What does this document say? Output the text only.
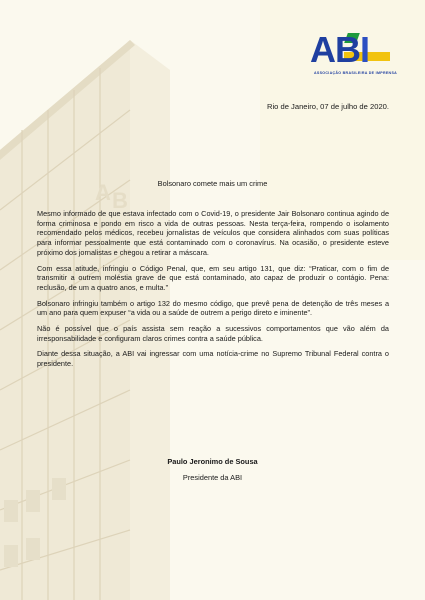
A B
ABI
ASSOCIAÇÃO BRASILEIRA DE IMPRENSA
Rio de Janeiro, 07 de julho de 2020.
Bolsonaro comete mais um crime

Mesmo informado de que estava infectado com o Covid-19, o presidente Jair Bolsonaro continua agindo de forma criminosa e pondo em risco a vida de outras pessoas. Nesta terça-feira, rompendo o isolamento recomendado pelos médicos, recebeu jornalistas de veículos que considera alinhados com suas políticas para informar pessoalmente que está contaminado com o coronavírus. Na ocasião, o presidente esteve próximo dos jornalistas e chegou a retirar a máscara.

Com essa atitude, infringiu o Código Penal, que, em seu artigo 131, que diz: “Praticar, com o fim de transmitir a outrem moléstia grave de que está contaminado, ato capaz de produzir o contágio. Pena: reclusão, de um a quatro anos, e multa.”

Bolsonaro infringiu também o artigo 132 do mesmo código, que prevê pena de detenção de três meses a um ano para quem expuser “a vida ou a saúde de outrem a perigo direto e iminente”.

Não é possível que o país assista sem reação a sucessivos comportamentos que vão além da irresponsabilidade e configuram claros crimes contra a saúde pública.

Diante dessa situação, a ABI vai ingressar com uma notícia-crime no Supremo Tribunal Federal contra o presidente.

Paulo Jeronimo de Sousa
Presidente da ABI
